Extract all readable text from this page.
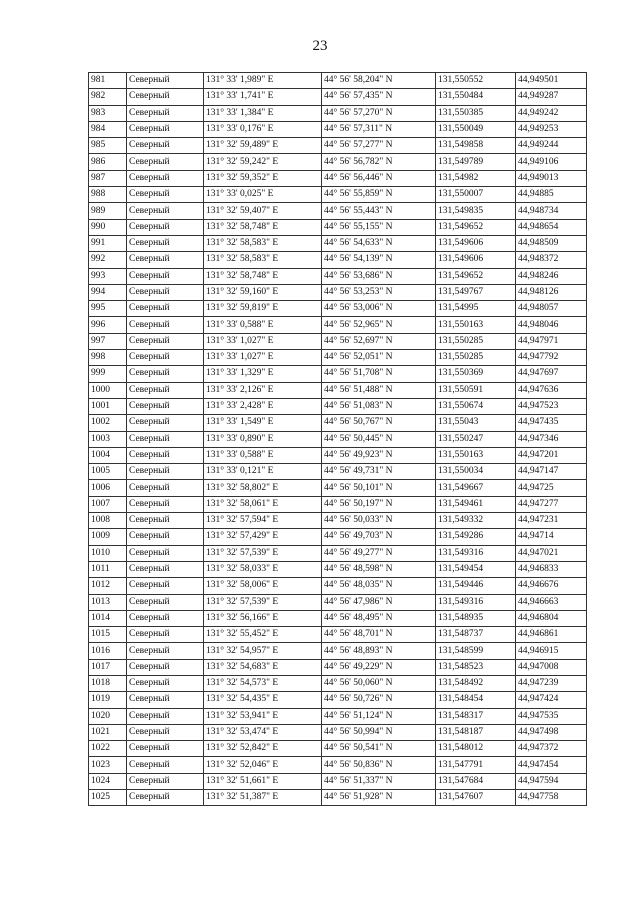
23
981	Северный	131° 33' 1,989" E	44° 56' 58,204" N	131,550552	44,949501
982	Северный	131° 33' 1,741" E	44° 56' 57,435" N	131,550484	44,949287
983	Северный	131° 33' 1,384" E	44° 56' 57,270" N	131,550385	44,949242
984	Северный	131° 33' 0,176" E	44° 56' 57,311" N	131,550049	44,949253
985	Северный	131° 32' 59,489" E	44° 56' 57,277" N	131,549858	44,949244
986	Северный	131° 32' 59,242" E	44° 56' 56,782" N	131,549789	44,949106
987	Северный	131° 32' 59,352" E	44° 56' 56,446" N	131,54982	44,949013
988	Северный	131° 33' 0,025" E	44° 56' 55,859" N	131,550007	44,94885
989	Северный	131° 32' 59,407" E	44° 56' 55,443" N	131,549835	44,948734
990	Северный	131° 32' 58,748" E	44° 56' 55,155" N	131,549652	44,948654
991	Северный	131° 32' 58,583" E	44° 56' 54,633" N	131,549606	44,948509
992	Северный	131° 32' 58,583" E	44° 56' 54,139" N	131,549606	44,948372
993	Северный	131° 32' 58,748" E	44° 56' 53,686" N	131,549652	44,948246
994	Северный	131° 32' 59,160" E	44° 56' 53,253" N	131,549767	44,948126
995	Северный	131° 32' 59,819" E	44° 56' 53,006" N	131,54995	44,948057
996	Северный	131° 33' 0,588" E	44° 56' 52,965" N	131,550163	44,948046
997	Северный	131° 33' 1,027" E	44° 56' 52,697" N	131,550285	44,947971
998	Северный	131° 33' 1,027" E	44° 56' 52,051" N	131,550285	44,947792
999	Северный	131° 33' 1,329" E	44° 56' 51,708" N	131,550369	44,947697
1000	Северный	131° 33' 2,126" E	44° 56' 51,488" N	131,550591	44,947636
1001	Северный	131° 33' 2,428" E	44° 56' 51,083" N	131,550674	44,947523
1002	Северный	131° 33' 1,549" E	44° 56' 50,767" N	131,55043	44,947435
1003	Северный	131° 33' 0,890" E	44° 56' 50,445" N	131,550247	44,947346
1004	Северный	131° 33' 0,588" E	44° 56' 49,923" N	131,550163	44,947201
1005	Северный	131° 33' 0,121" E	44° 56' 49,731" N	131,550034	44,947147
1006	Северный	131° 32' 58,802" E	44° 56' 50,101" N	131,549667	44,94725
1007	Северный	131° 32' 58,061" E	44° 56' 50,197" N	131,549461	44,947277
1008	Северный	131° 32' 57,594" E	44° 56' 50,033" N	131,549332	44,947231
1009	Северный	131° 32' 57,429" E	44° 56' 49,703" N	131,549286	44,94714
1010	Северный	131° 32' 57,539" E	44° 56' 49,277" N	131,549316	44,947021
1011	Северный	131° 32' 58,033" E	44° 56' 48,598" N	131,549454	44,946833
1012	Северный	131° 32' 58,006" E	44° 56' 48,035" N	131,549446	44,946676
1013	Северный	131° 32' 57,539" E	44° 56' 47,986" N	131,549316	44,946663
1014	Северный	131° 32' 56,166" E	44° 56' 48,495" N	131,548935	44,946804
1015	Северный	131° 32' 55,452" E	44° 56' 48,701" N	131,548737	44,946861
1016	Северный	131° 32' 54,957" E	44° 56' 48,893" N	131,548599	44,946915
1017	Северный	131° 32' 54,683" E	44° 56' 49,229" N	131,548523	44,947008
1018	Северный	131° 32' 54,573" E	44° 56' 50,060" N	131,548492	44,947239
1019	Северный	131° 32' 54,435" E	44° 56' 50,726" N	131,548454	44,947424
1020	Северный	131° 32' 53,941" E	44° 56' 51,124" N	131,548317	44,947535
1021	Северный	131° 32' 53,474" E	44° 56' 50,994" N	131,548187	44,947498
1022	Северный	131° 32' 52,842" E	44° 56' 50,541" N	131,548012	44,947372
1023	Северный	131° 32' 52,046" E	44° 56' 50,836" N	131,547791	44,947454
1024	Северный	131° 32' 51,661" E	44° 56' 51,337" N	131,547684	44,947594
1025	Северный	131° 32' 51,387" E	44° 56' 51,928" N	131,547607	44,947758
